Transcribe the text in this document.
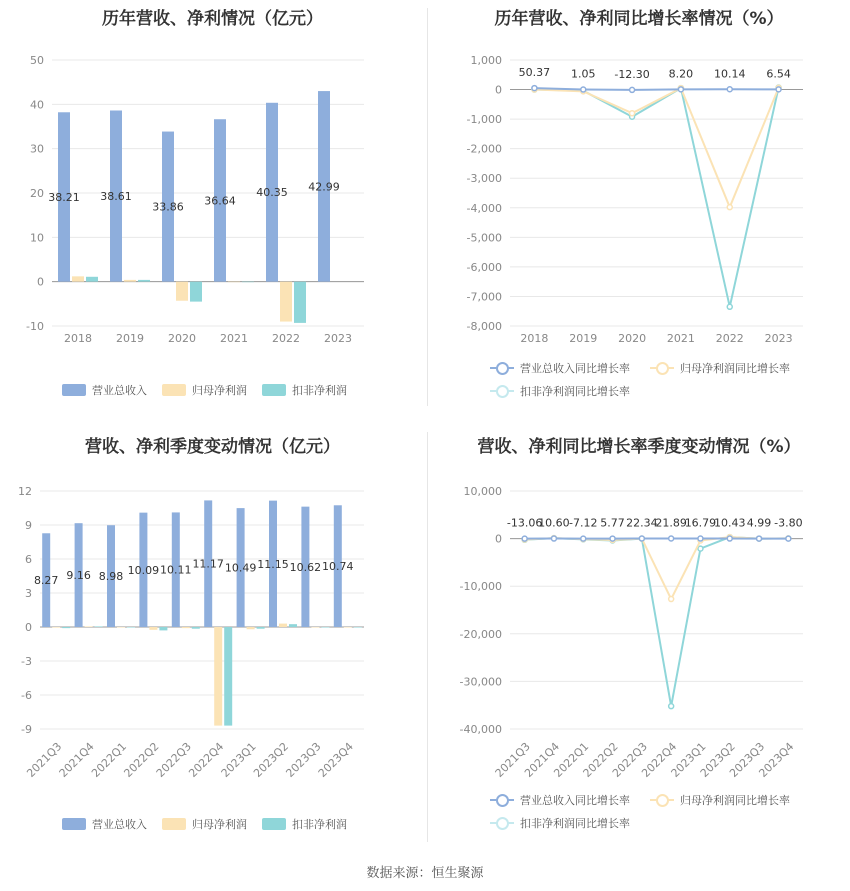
历年营收、净利情况（亿元）
-10
0
10
20
30
40
50
2018
38.21
2019
38.61
2020
33.86
2021
36.64
2022
40.35
2023
42.99
营业总收入	归母净利润	扣非净利润
历年营收、净利同比增长率情况（%）
-8,000
-7,000
-6,000
-5,000
-4,000
-3,000
-2,000
-1,000
0
1,000
2018 2019 2020 2021 2022 2023
50.37 1.05 -12.30 8.20 10.14 6.54
营业总收入同比增长率	归母净利润同比增长率
扣非净利润同比增长率
营收、净利季度变动情况（亿元）
-9
-6
-3
0
3
6
9
12
2021Q3
8.27
2021Q4
9.16
2022Q1
8.98
2022Q2
10.09
2022Q3
10.11
2022Q4
11.17
2023Q1
10.49
2023Q2
11.15
2023Q3
10.62
2023Q4
10.74
营业总收入	归母净利润	扣非净利润
营收、净利同比增长率季度变动情况（%）
-40,000
-30,000
-20,000
-10,000
0
10,000
2021Q3
2021Q4
2022Q1
2022Q2
2022Q3
2022Q4
2023Q1
2023Q2
2023Q3
2023Q4
-13.06
10.60 -7.12 5.77 22.34
21.89
16.79
10.43 4.99 -3.80
营业总收入同比增长率	归母净利润同比增长率
扣非净利润同比增长率
数据来源：恒生聚源
